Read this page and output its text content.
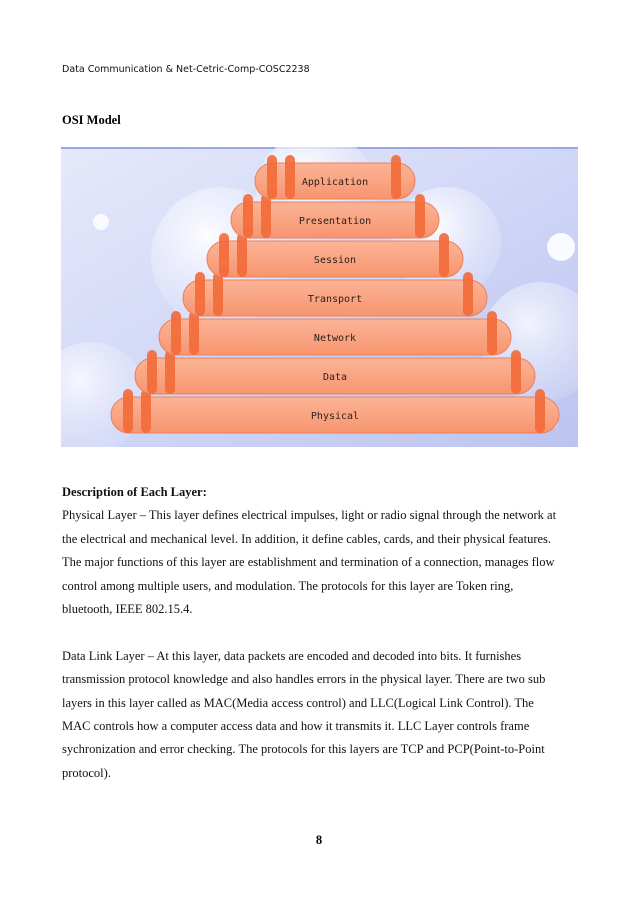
Data Communication & Net-Cetric-Comp-COSC2238
OSI Model
Physical
Data
Network
Transport
Session
Presentation
Application

Description of Each Layer:

Physical Layer – This layer defines electrical impulses, light or radio signal through the network at
the electrical and mechanical level. In addition, it define cables, cards, and their physical features.
The major functions of this layer are establishment and termination of a connection, manages flow
control among multiple users, and modulation. The protocols for this layer are Token ring,
bluetooth, IEEE 802.15.4.

Data Link Layer – At this layer, data packets are encoded and decoded into bits. It furnishes
transmission protocol knowledge and also handles errors in the physical layer. There are two sub
layers in this layer called as MAC(Media access control) and LLC(Logical Link Control). The
MAC controls how a computer access data and how it transmits it. LLC Layer controls frame
sychronization and error checking. The protocols for this layers are TCP and PCP(Point-to-Point
protocol).

8
